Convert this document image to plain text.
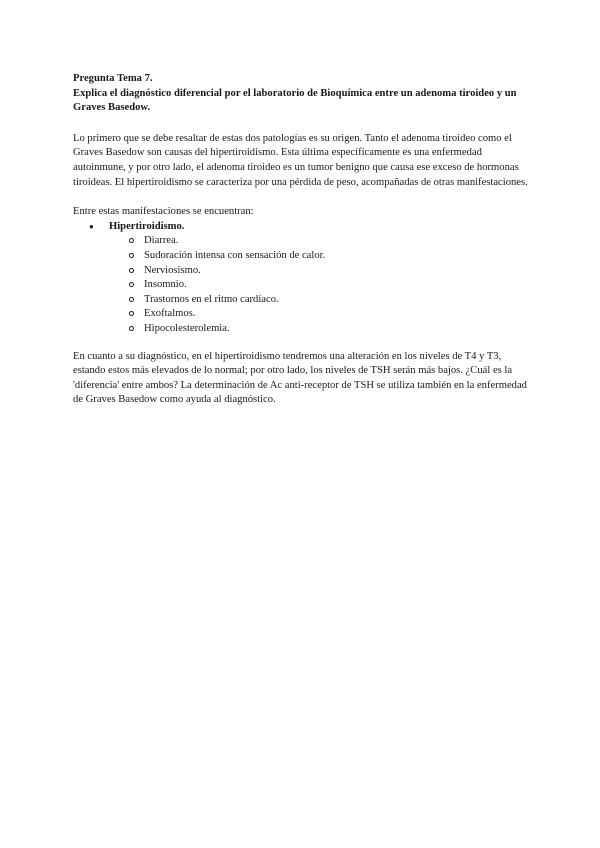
Pregunta Tema 7.
Explica el diagnóstico diferencial por el laboratorio de Bioquímica entre un adenoma tiroideo y un Graves Basedow.

Lo primero que se debe resaltar de estas dos patologías es su origen. Tanto el adenoma tiroideo como el Graves Basedow son causas del hipertiroidismo. Esta última específicamente es una enfermedad autoinmune, y por otro lado, el adenoma tiroideo es un tumor benigno que causa ese exceso de hormonas tiroideas. El hipertiroidismo se caracteriza por una pérdida de peso, acompañadas de otras manifestaciones.

Entre estas manifestaciones se encuentran:
● Hipertiroidismo.
Diarrea.
Sudoración intensa con sensación de calor.
Nerviosismo.
Insomnio.
Trastornos en el ritmo cardíaco.
Exoftalmos.
Hipocolesterolemia.

En cuanto a su diagnóstico, en el hipertiroidismo tendremos una alteración en los niveles de T4 y T3, estando estos más elevados de lo normal; por otro lado, los niveles de TSH serán más bajos. ¿Cuál es la 'diferencia' entre ambos? La determinación de Ac anti-receptor de TSH se utiliza también en la enfermedad de Graves Basedow como ayuda al diagnóstico.
